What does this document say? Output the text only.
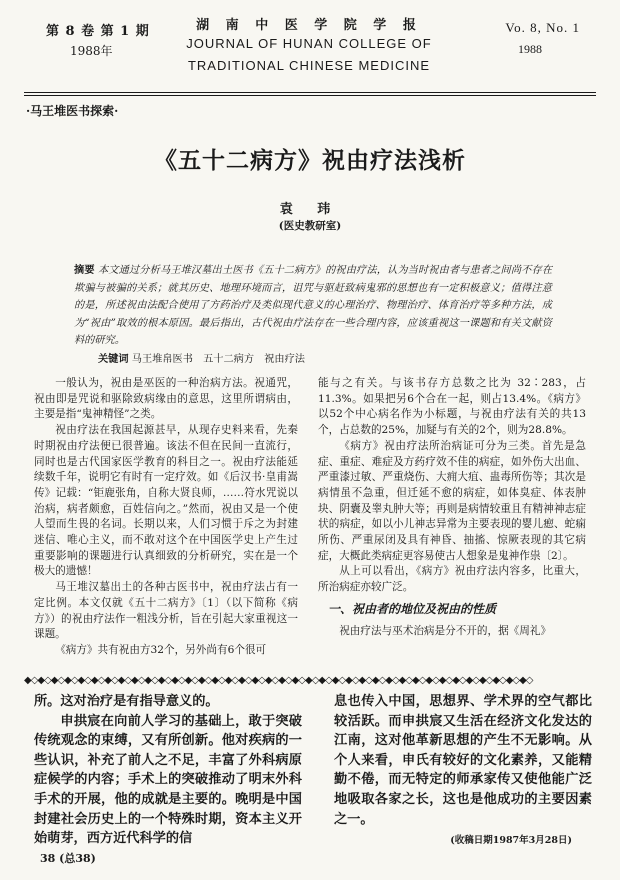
第 8 卷 第 1 期
1988年
湖 南 中 医 学 院 学 报
JOURNAL OF HUNAN COLLEGE OF
TRADITIONAL CHINESE MEDICINE
Vo. 8, No. 1
1988
·马王堆医书探索·
《五十二病方》祝由疗法浅析
袁 玮
(医史教研室)
摘要 本文通过分析马王堆汉墓出土医书《五十二病方》的祝由疗法，认为当时祝由者与患者之间尚不存在欺骗与被骗的关系；就其历史、地理环境而言，诅咒与驱赶致病鬼邪的思想也有一定积极意义；值得注意的是，所述祝由法配合使用了方药治疗及类似现代意义的心理治疗、物理治疗、体育治疗等多种方法，成为“祝由”取效的根本原因。最后指出，古代祝由疗法存在一些合理内容，应该重视这一课题和有关文献资料的研究。
关键词 马王堆帛医书　五十二病方　祝由疗法

一般认为，祝由是巫医的一种治病方法。祝通咒，祝由即是咒说和驱除致病缘由的意思，这里所谓病由，主要是指“鬼神精怪”之类。

祝由疗法在我国起源甚早，从现存史料来看，先秦时期祝由疗法便已很普遍。该法不但在民间一直流行，同时也是古代国家医学教育的科目之一。祝由疗法能延续数千年，说明它有时有一定疗效。如《后汉书·皇甫嵩传》记载：“钜鹿张角，自称大贤良师，……符水咒说以治病，病者颇愈，百姓信向之。”然而，祝由又是一个使人望而生畏的名词。长期以来，人们习惯于斥之为封建迷信、唯心主义，而不敢对这个在中国医学史上产生过重要影响的课题进行认真细致的分析研究，实在是一个极大的遗憾！

马王堆汉墓出土的各种古医书中，祝由疗法占有一定比例。本文仅就《五十二病方》〔1〕（以下简称《病方》）的祝由疗法作一粗浅分析，旨在引起大家重视这一课题。

《病方》共有祝由方32个，另外尚有6个很可

能与之有关。与该书存方总数之比为 32∶283，占11.3%。如果把另6个合在一起，则占13.4%。《病方》以52个中心病名作为小标题，与祝由疗法有关的共13个，占总数的25%，加疑与有关的2个，则为28.8%。

《病方》祝由疗法所治病证可分为三类。首先是急症、重症、难症及方药疗效不佳的病症，如外伤大出血、严重漆过敏、严重烧伤、大痈大疽、蛊毒所伤等；其次是病情虽不急重，但迁延不愈的病症，如体臭症、体表肿块、阴囊及睾丸肿大等；再则是病情较重且有精神神志症状的病症，如以小儿神志异常为主要表现的婴儿瘛、蛇痫所伤、严重尿闭及具有神昏、抽搐、惊厥表现的其它病症，大概此类病症更容易使古人想象是鬼神作祟〔2〕。

从上可以看出，《病方》祝由疗法内容多，比重大，所治病症亦较广泛。

一、祝由者的地位及祝由的性质

祝由疗法与巫术治病是分不开的，据《周礼》

◆◇◆◇◆◇◆◇◆◇◆◇◆◇◆◇◆◇◆◇◆◇◆◇◆◇◆◇◆◇◆◇◆◇◆◇◆◇◆◇◆◇◆◇◆◇◆◇◆◇◆◇◆◇◆◇◆◇◆◇◆◇◆◇◆◇◆◇◆◇◆◇◆◇◆◇

所。这对治疗是有指导意义的。

申拱宸在向前人学习的基础上，敢于突破传统观念的束缚，又有所创新。他对疾病的一些认识，补充了前人之不足，丰富了外科病原症候学的内容；手术上的突破推动了明末外科手术的开展，他的成就是主要的。晚明是中国封建社会历史上的一个特殊时期，资本主义开始萌芽，西方近代科学的信

息也传入中国，思想界、学术界的空气都比较活跃。而申拱宸又生活在经济文化发达的江南，这对他革新思想的产生不无影响。从个人来看，申氏有较好的文化素养，又能精勤不倦，而无特定的师承家传又使他能广泛地吸取各家之长，这也是他成功的主要因素之一。

(收稿日期1987年3月28日)
38 (总38)
